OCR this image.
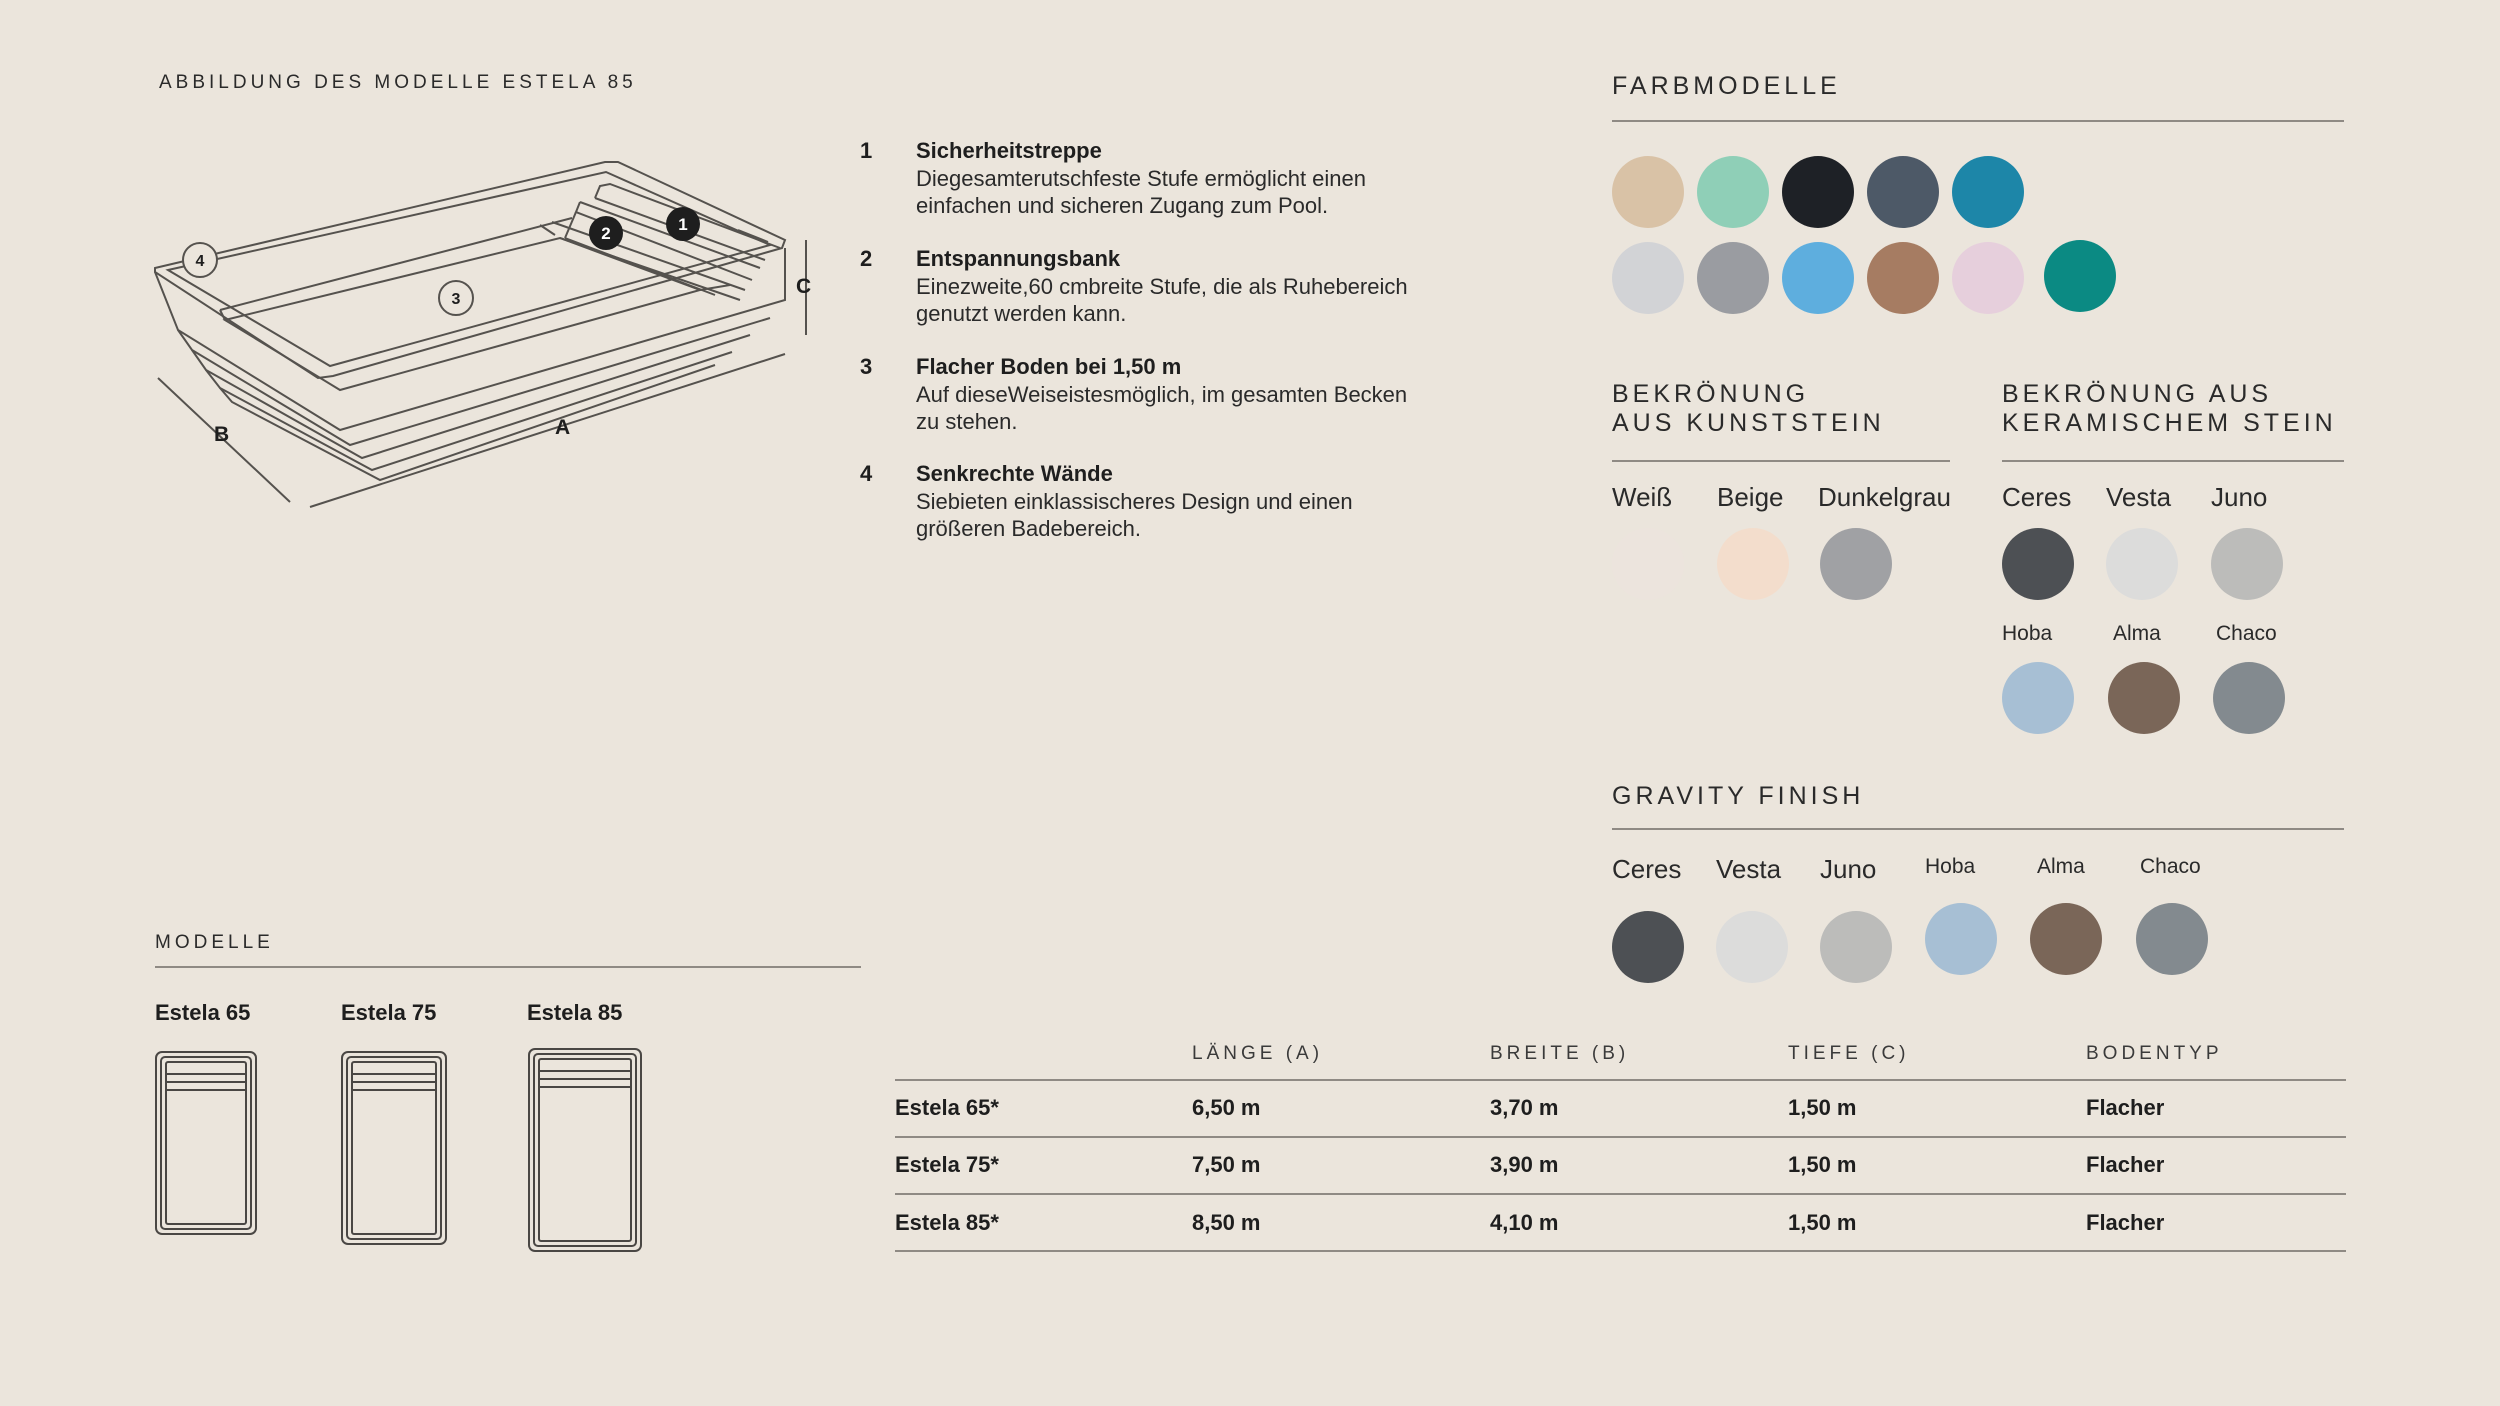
ABBILDUNG DES MODELLE ESTELA 85
1
2
3
4
A
B
C
1 Sicherheitstreppe
Diegesamterutschfeste Stufe ermöglicht einen einfachen und sicheren Zugang zum Pool.
2 Entspannungsbank
Einezweite,60 cmbreite Stufe, die als Ruhebereich genutzt werden kann.
3 Flacher Boden bei 1,50 m
Auf dieseWeiseistesmöglich, im gesamten Becken zu stehen.
4 Senkrechte Wände
Siebieten einklassischeres Design und einen größeren Badebereich.
FARBMODELLE
BEKRÖNUNG
AUS KUNSTSTEIN
Weiß Beige Dunkelgrau
BEKRÖNUNG AUS
KERAMISCHEM STEIN
Ceres Vesta Juno
Hoba	Alma	Chaco
GRAVITY FINISH
Ceres Vesta Juno Hoba	Alma	Chaco
MODELLE
Estela 65	Estela 75	Estela 85
LÄNGE (A)	BREITE (B)	TIEFE (C)	BODENTYP
Estela 65*	6,50 m	3,70 m	1,50 m	Flacher
Estela 75*	7,50 m	3,90 m	1,50 m	Flacher
Estela 85*	8,50 m	4,10 m	1,50 m	Flacher
